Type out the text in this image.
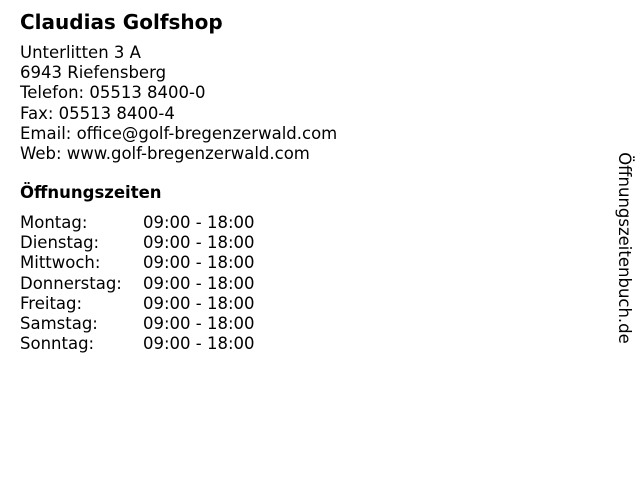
Claudias Golfshop
Unterlitten 3 A
6943 Riefensberg
Telefon: 05513 8400-0
Fax: 05513 8400-4
Email: office@golf-bregenzerwald.com
Web: www.golf-bregenzerwald.com
Öffnungszeiten
Montag:	09:00 - 18:00
Dienstag:	09:00 - 18:00
Mittwoch:	09:00 - 18:00
Donnerstag: 09:00 - 18:00
Freitag:	09:00 - 18:00
Samstag:	09:00 - 18:00
Sonntag:	09:00 - 18:00	Öffnungszeitenbuch.de
